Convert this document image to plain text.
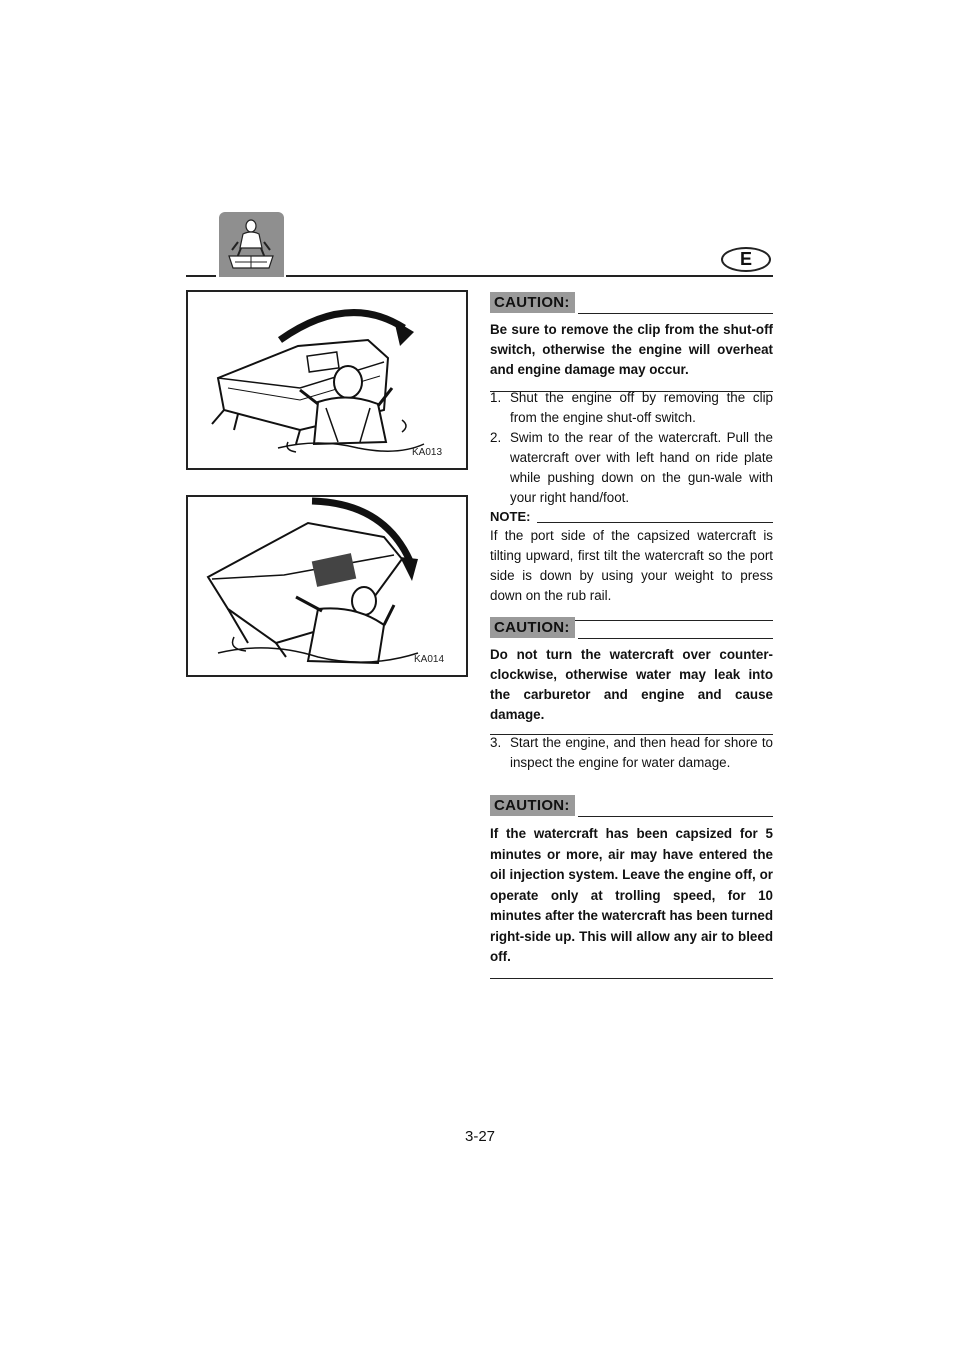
E
KA013
KA014
CAUTION:

Be sure to remove the clip from the shut-off switch, otherwise the engine will overheat and engine damage may occur.

1. Shut the engine off by removing the clip from the engine shut-off switch.
2. Swim to the rear of the watercraft. Pull the watercraft over with left hand on ride plate while pushing down on the gun-wale with your right hand/foot.
NOTE:

If the port side of the capsized watercraft is tilting upward, first tilt the watercraft so the port side is down by using your weight to press down on the rub rail.

CAUTION:

Do not turn the watercraft over counter-clockwise, otherwise water may leak into the carburetor and engine and cause damage.

3. Start the engine, and then head for shore to inspect the engine for water damage.
CAUTION:

If the watercraft has been capsized for 5 minutes or more, air may have entered the oil injection system. Leave the engine off, or operate only at trolling speed, for 10 minutes after the watercraft has been turned right-side up. This will allow any air to bleed off.

3-27
